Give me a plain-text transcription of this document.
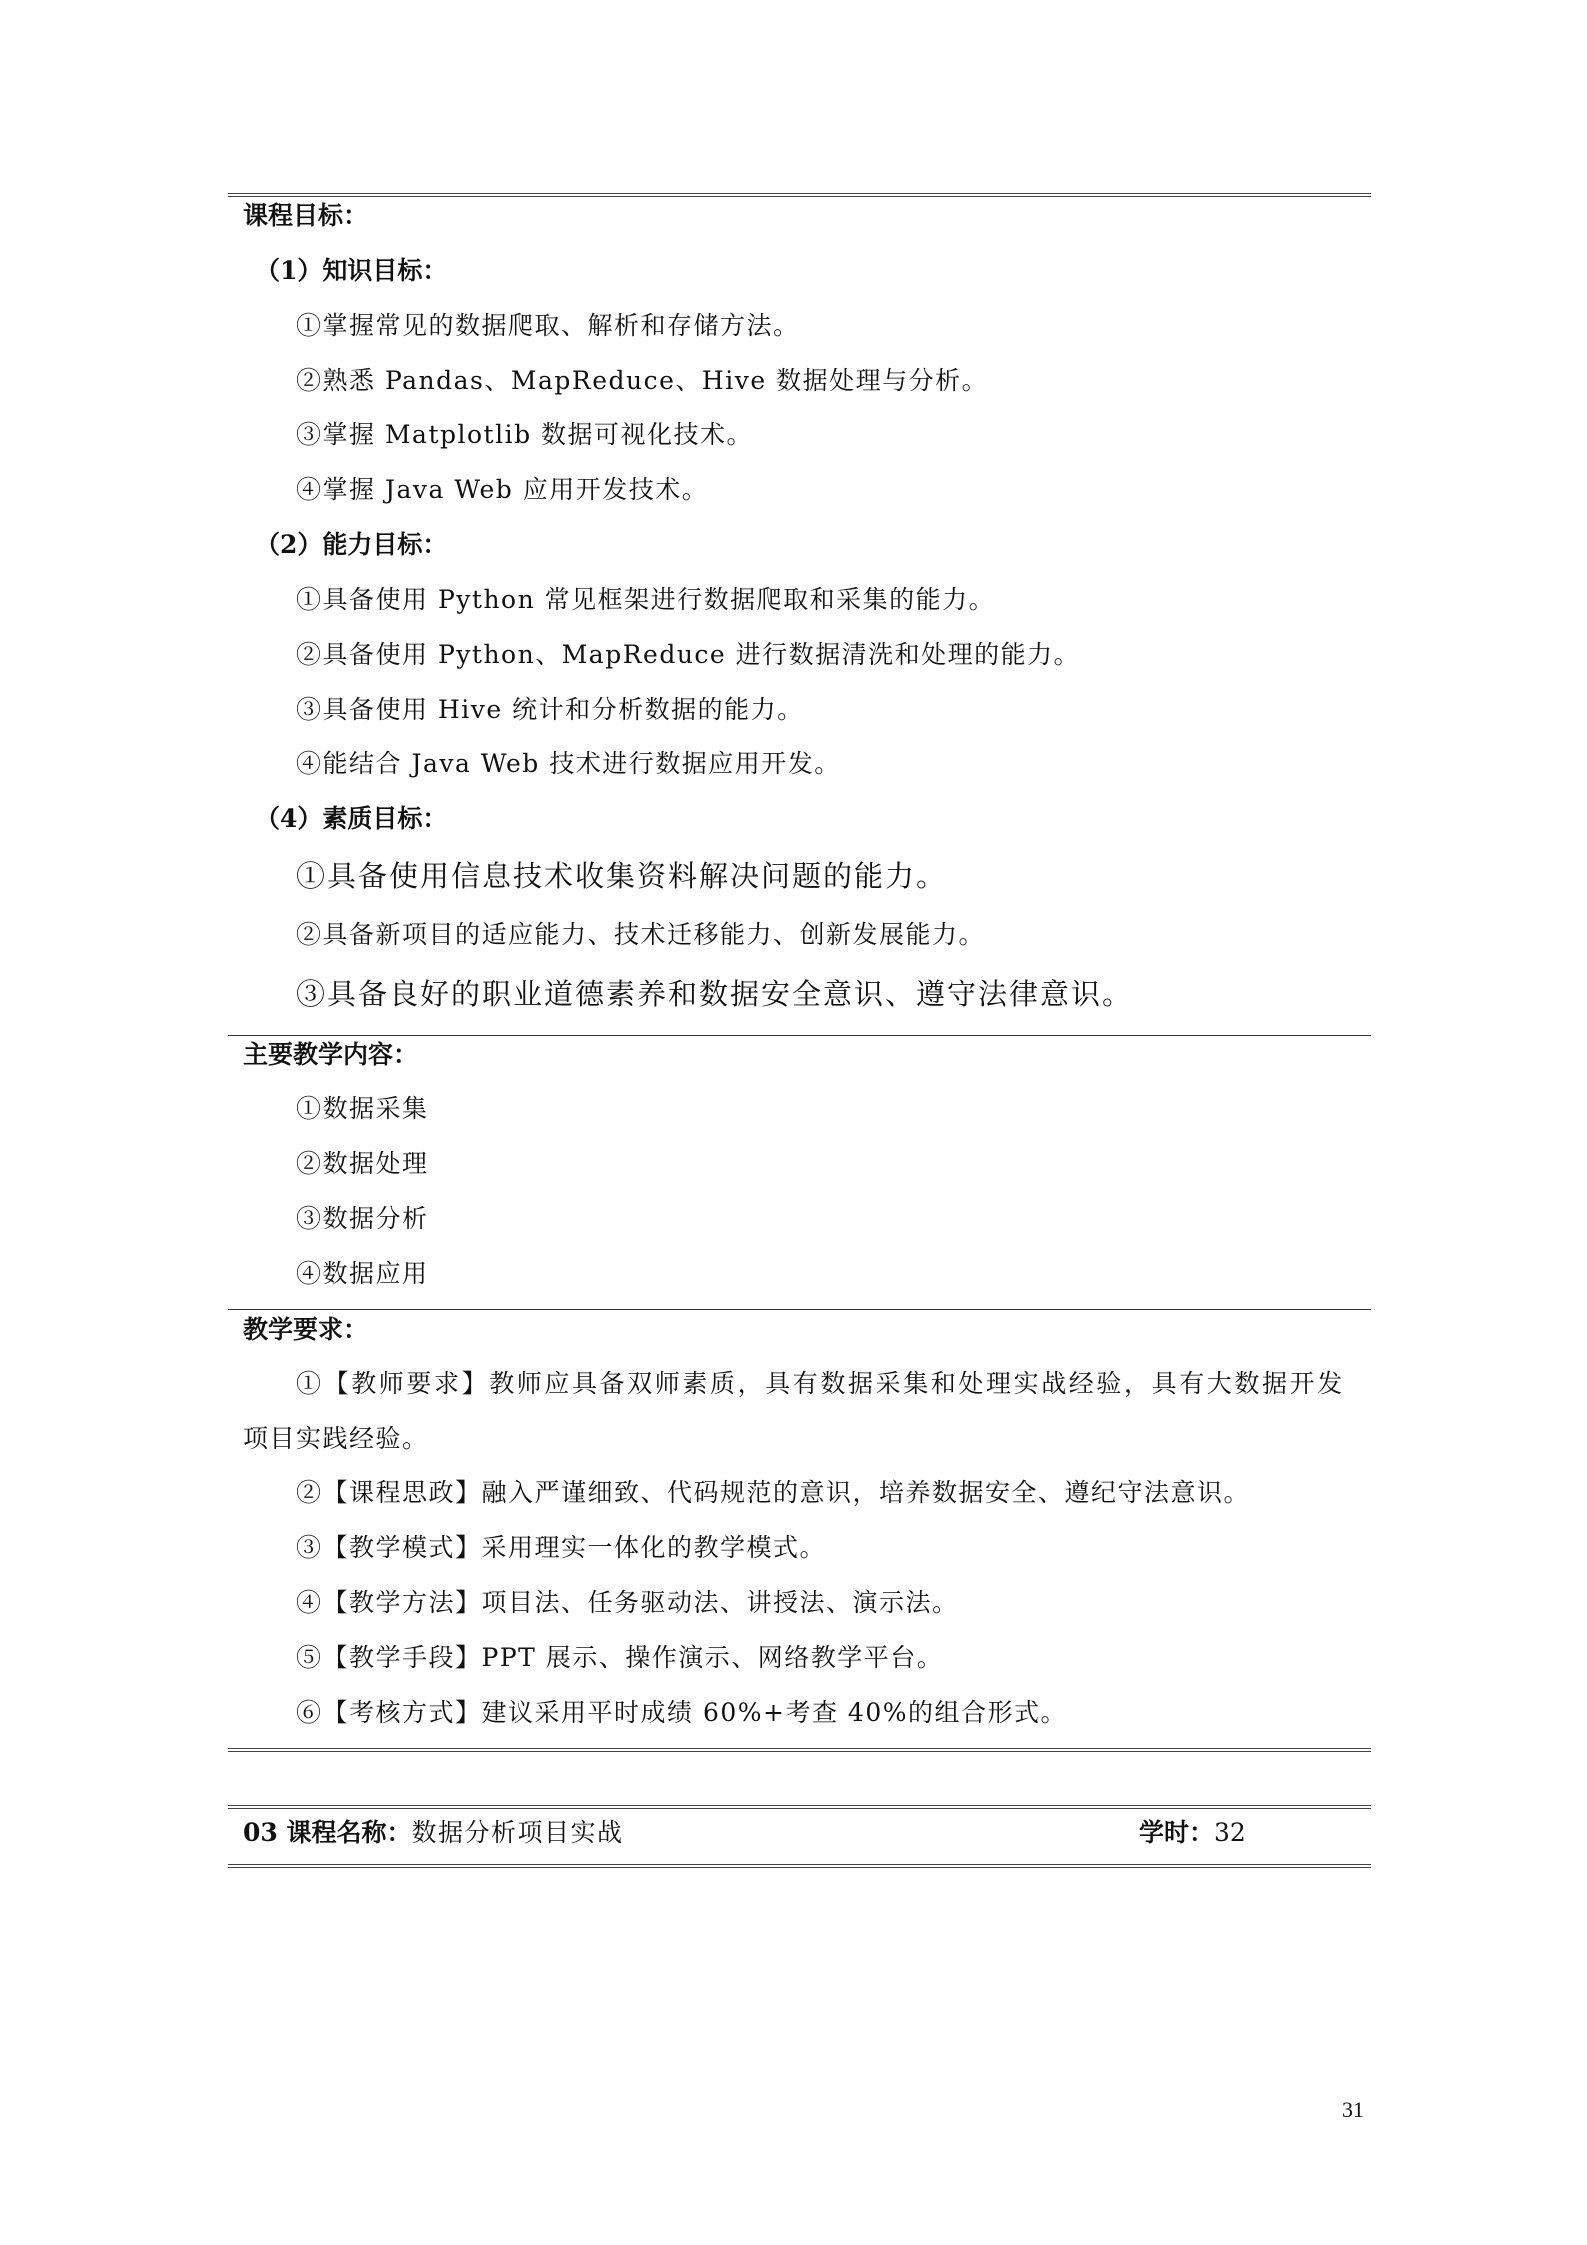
课程目标：
（1）知识目标：
①掌握常见的数据爬取、解析和存储方法。
②熟悉 Pandas、MapReduce、Hive 数据处理与分析。
③掌握 Matplotlib 数据可视化技术。
④掌握 Java Web 应用开发技术。
（2）能力目标：
①具备使用 Python 常见框架进行数据爬取和采集的能力。
②具备使用 Python、MapReduce 进行数据清洗和处理的能力。
③具备使用 Hive 统计和分析数据的能力。
④能结合 Java Web 技术进行数据应用开发。
（4）素质目标：
①具备使用信息技术收集资料解决问题的能力。
②具备新项目的适应能力、技术迁移能力、创新发展能力。
③具备良好的职业道德素养和数据安全意识、遵守法律意识。
主要教学内容：
①数据采集
②数据处理
③数据分析
④数据应用
教学要求：
①【教师要求】教师应具备双师素质，具有数据采集和处理实战经验，具有大数据开发
项目实践经验。
②【课程思政】融入严谨细致、代码规范的意识，培养数据安全、遵纪守法意识。
③【教学模式】采用理实一体化的教学模式。
④【教学方法】项目法、任务驱动法、讲授法、演示法。
⑤【教学手段】PPT 展示、操作演示、网络教学平台。
⑥【考核方式】建议采用平时成绩 60%+考查 40%的组合形式。
03 课程名称：数据分析项目实战	学时：32
31
